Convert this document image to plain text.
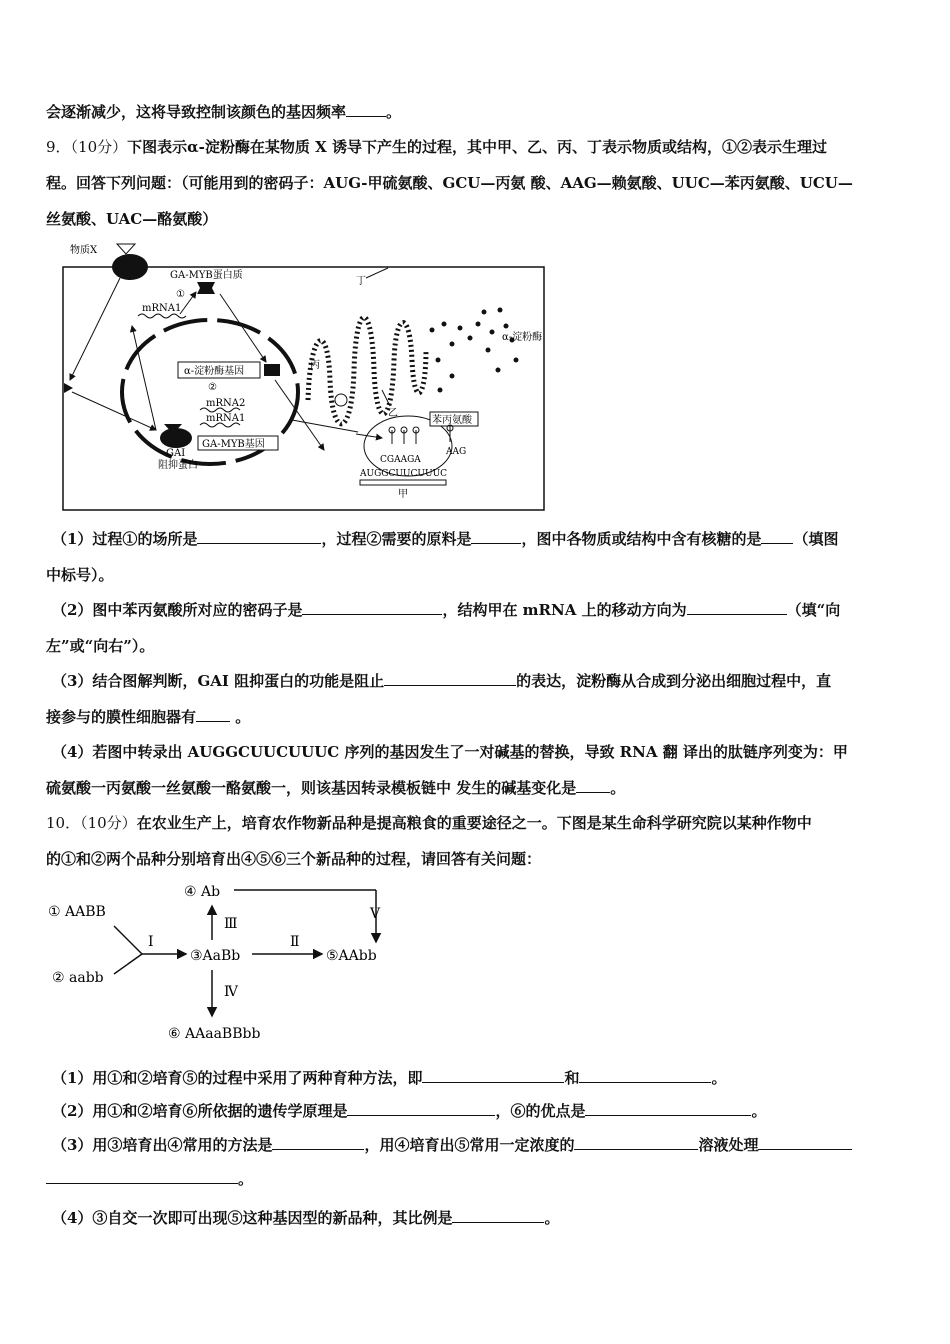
会逐渐减少，这将导致控制该颜色的基因频率	。
9．（10分）下图表示α-淀粉酶在某物质 X 诱导下产生的过程，其中甲、乙、丙、丁表示物质或结构，①②表示生理过
程。回答下列问题：（可能用到的密码子：AUG-甲硫氨酸、GCU—丙氨 酸、AAG—赖氨酸、UUC—苯丙氨酸、UCU—
丝氨酸、UAC—酪氨酸）
物质X
GA-MYB蛋白质
①
mRNA1
α-淀粉酶基因
②
mRNA2
mRNA1
GA-MYB基因
GAI
阻抑蛋白
丁
丙
乙
α-淀粉酶
苯丙氨酸
AAG
CGAAGA
AUGGCUUCUUUC
甲
（1）过程①的场所是	，过程②需要的原料是	，图中各物质或结构中含有核糖的是 （填图
中标号）。
（2）图中苯丙氨酸所对应的密码子是	，结构甲在 mRNA 上的移动方向为	（填“向
左”或“向右”）。
（3）结合图解判断，GAI 阻抑蛋白的功能是阻止	的表达，淀粉酶从合成到分泌出细胞过程中，直
接参与的膜性细胞器有 。
（4）若图中转录出 AUGGCUUCUUUC 序列的基因发生了一对碱基的替换，导致 RNA 翻 译出的肽链序列变为：甲
硫氨酸一丙氨酸一丝氨酸一酪氨酸一，则该基因转录模板链中 发生的碱基变化是 。
10．（10分）在农业生产上，培育农作物新品种是提高粮食的重要途径之一。下图是某生命科学研究院以某种作物中
的①和②两个品种分别培育出④⑤⑥三个新品种的过程，请回答有关问题：
① AABB
② aabb
Ⅰ
③AaBb
④ Ab
Ⅲ
Ⅴ
Ⅱ
⑤AAbb
Ⅳ
⑥ AAaaBBbb
（1）用①和②培育⑤的过程中采用了两种育种方法，即	和	。
（2）用①和②培育⑥所依据的遗传学原理是	，⑥的优点是	。
（3）用③培育出④常用的方法是	，用④培育出⑤常用一定浓度的	溶液处理
。
（4）③自交一次即可出现⑤这种基因型的新品种，其比例是	。
